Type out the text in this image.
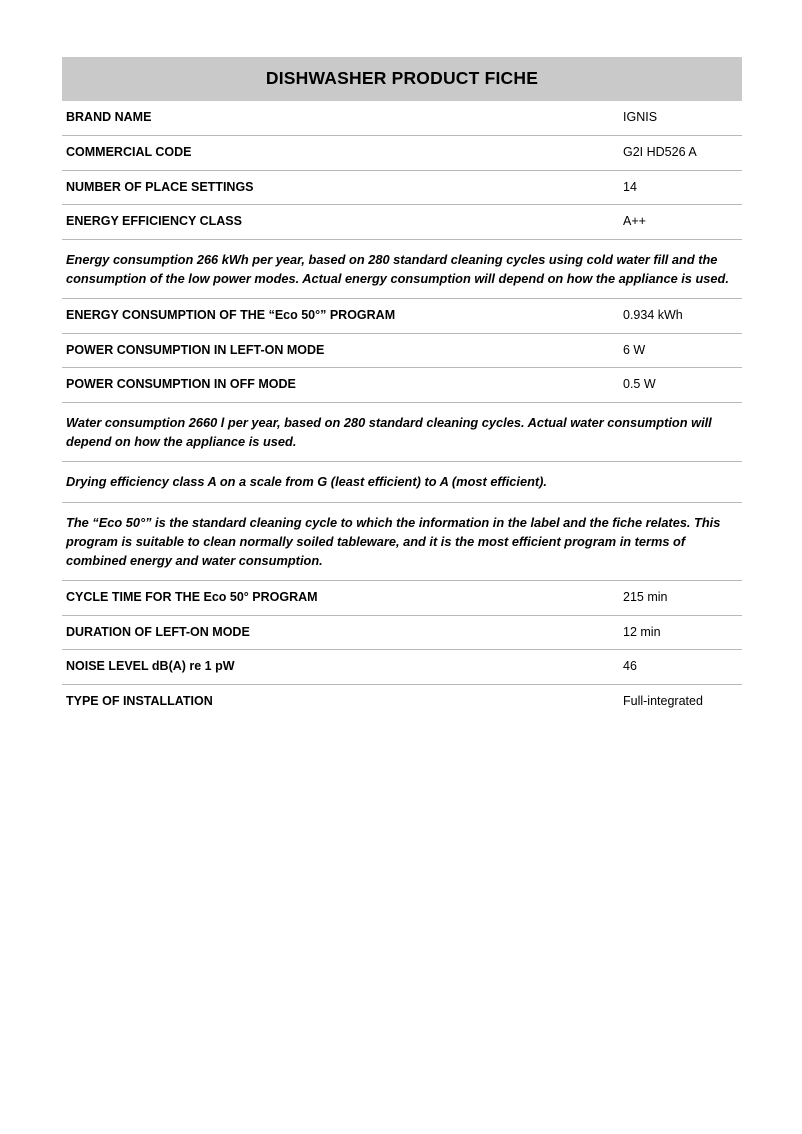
DISHWASHER PRODUCT FICHE
BRAND NAME	IGNIS
COMMERCIAL CODE	G2I HD526 A
NUMBER OF PLACE SETTINGS	14
ENERGY EFFICIENCY CLASS	A++
Energy consumption 266 kWh per year, based on 280 standard cleaning cycles using cold water fill and the consumption of the low power modes. Actual energy consumption will depend on how the appliance is used.
ENERGY CONSUMPTION OF THE “Eco 50°” PROGRAM	0.934 kWh
POWER CONSUMPTION IN LEFT-ON MODE	6 W
POWER CONSUMPTION IN OFF MODE	0.5 W
Water consumption 2660 l per year, based on 280 standard cleaning cycles. Actual water consumption will depend on how the appliance is used.
Drying efficiency class A on a scale from G (least efficient) to A (most efficient).
The “Eco 50°” is the standard cleaning cycle to which the information in the label and the fiche relates. This program is suitable to clean normally soiled tableware, and it is the most efficient program in terms of combined energy and water consumption.
CYCLE TIME FOR THE Eco 50° PROGRAM	215 min
DURATION OF LEFT-ON MODE	12 min
NOISE LEVEL dB(A) re 1 pW	46
TYPE OF INSTALLATION	Full-integrated
